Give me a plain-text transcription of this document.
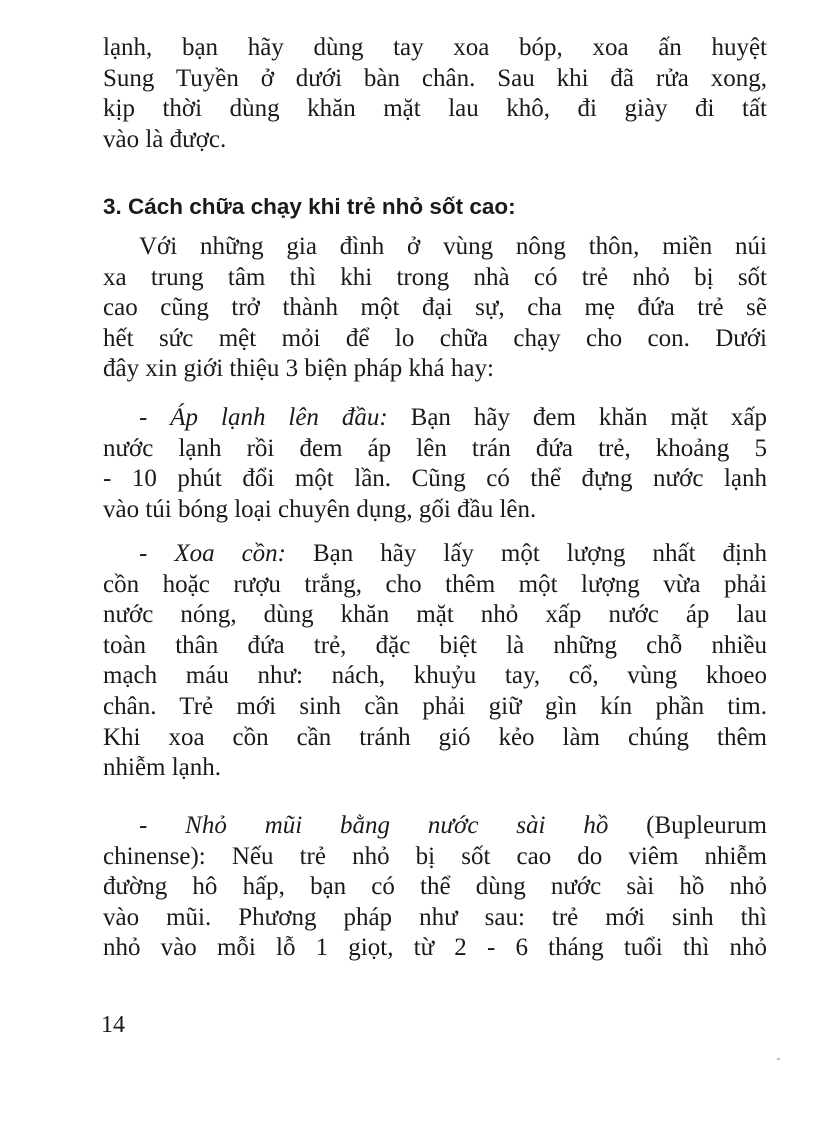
lạnh, bạn hãy dùng tay xoa bóp, xoa ấn huyệt
Sung Tuyền ở dưới bàn chân. Sau khi đã rửa xong,
kịp thời dùng khăn mặt lau khô, đi giày đi tất
vào là được.
3. Cách chữa chạy khi trẻ nhỏ sốt cao:
Với những gia đình ở vùng nông thôn, miền núi
xa trung tâm thì khi trong nhà có trẻ nhỏ bị sốt
cao cũng trở thành một đại sự, cha mẹ đứa trẻ sẽ
hết sức mệt mỏi để lo chữa chạy cho con. Dưới
đây xin giới thiệu 3 biện pháp khá hay:
- Áp lạnh lên đầu: Bạn hãy đem khăn mặt xấp
nước lạnh rồi đem áp lên trán đứa trẻ, khoảng 5
- 10 phút đổi một lần. Cũng có thể đựng nước lạnh
vào túi bóng loại chuyên dụng, gối đầu lên.
- Xoa cồn: Bạn hãy lấy một lượng nhất định
cồn hoặc rượu trắng, cho thêm một lượng vừa phải
nước nóng, dùng khăn mặt nhỏ xấp nước áp lau
toàn thân đứa trẻ, đặc biệt là những chỗ nhiều
mạch máu như: nách, khuỷu tay, cổ, vùng khoeo
chân. Trẻ mới sinh cần phải giữ gìn kín phần tim.
Khi xoa cồn cần tránh gió kẻo làm chúng thêm
nhiễm lạnh.
- Nhỏ mũi bằng nước sài hồ (Bupleurum
chinense): Nếu trẻ nhỏ bị sốt cao do viêm nhiễm
đường hô hấp, bạn có thể dùng nước sài hồ nhỏ
vào mũi. Phương pháp như sau: trẻ mới sinh thì
nhỏ vào mỗi lỗ 1 giọt, từ 2 - 6 tháng tuổi thì nhỏ
14
